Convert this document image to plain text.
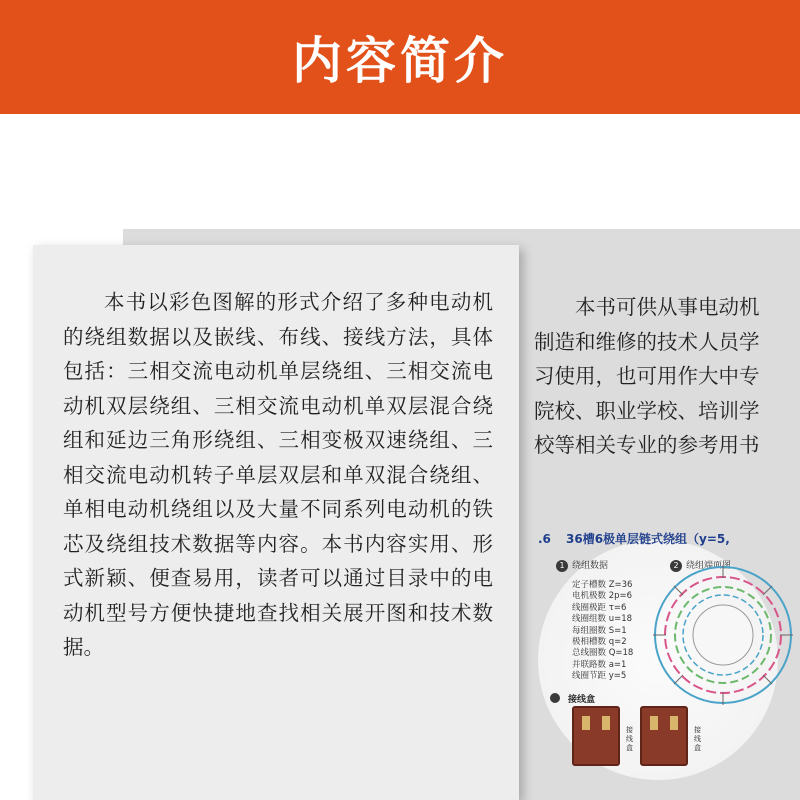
内容简介

本书以彩色图解的形式介绍了多种电动机的绕组数据以及嵌线、布线、接线方法，具体包括：三相交流电动机单层绕组、三相交流电动机双层绕组、三相交流电动机单双层混合绕组和延边三角形绕组、三相变极双速绕组、三相交流电动机转子单层双层和单双混合绕组、单相电动机绕组以及大量不同系列电动机的铁芯及绕组技术数据等内容。本书内容实用、形式新颖、便查易用，读者可以通过目录中的电动机型号方便快捷地查找相关展开图和技术数据。

本书可供从事电动机制造和维修的技术人员学习使用，也可用作大中专院校、职业学校、培训学校等相关专业的参考用书

.6 36槽6极单层链式绕组（y=5,
1 绕组数据	2 绕组端面图
定子槽数 Z=36
电机极数 2p=6
线圈极距 τ=6
线圈组数 u=18
每组圈数 S=1
极相槽数 q=2
总线圈数 Q=18
并联路数 a=1
线圈节距 y=5
接线盒
接线盒
接线盒
